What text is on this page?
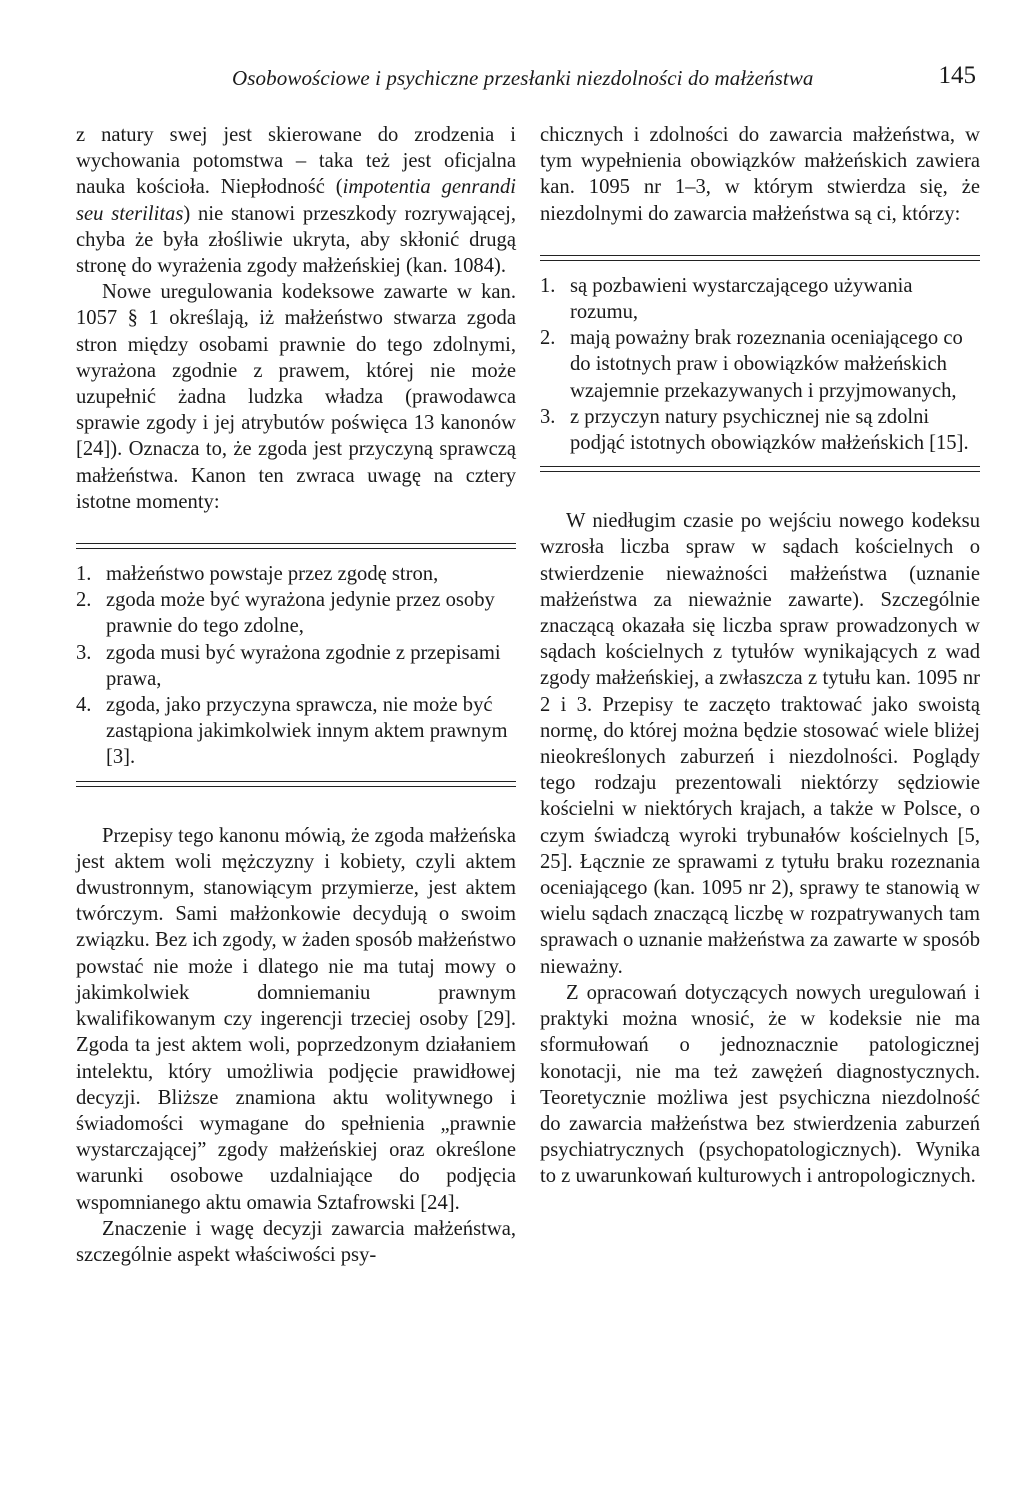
Osobowościowe i psychiczne przesłanki niezdolności do małżeństwa	145

z natury swej jest skierowane do zrodzenia i wychowania potomstwa – taka też jest oficjalna nauka kościoła. Niepłodność (impotentia genrandi seu sterilitas) nie stanowi przeszkody rozrywającej, chyba że była złośliwie ukryta, aby skłonić drugą stronę do wyrażenia zgody małżeńskiej (kan. 1084).

Nowe uregulowania kodeksowe zawarte w kan. 1057 § 1 określają, iż małżeństwo stwarza zgoda stron między osobami prawnie do tego zdolnymi, wyrażona zgodnie z prawem, której nie może uzupełnić żadna ludzka władza (prawodawca sprawie zgody i jej atrybutów poświęca 13 kanonów [24]). Oznacza to, że zgoda jest przyczyną sprawczą małżeństwa. Kanon ten zwraca uwagę na cztery istotne momenty:

1. małżeństwo powstaje przez zgodę stron,
2. zgoda może być wyrażona jedynie przez osoby prawnie do tego zdolne,
3. zgoda musi być wyrażona zgodnie z przepisami prawa,
4. zgoda, jako przyczyna sprawcza, nie może być zastąpiona jakimkolwiek innym aktem prawnym [3].

Przepisy tego kanonu mówią, że zgoda małżeńska jest aktem woli mężczyzny i kobiety, czyli aktem dwustronnym, stanowiącym przymierze, jest aktem twórczym. Sami małżonkowie decydują o swoim związku. Bez ich zgody, w żaden sposób małżeństwo powstać nie może i dlatego nie ma tutaj mowy o jakimkolwiek domniemaniu prawnym kwalifikowanym czy ingerencji trzeciej osoby [29]. Zgoda ta jest aktem woli, poprzedzonym działaniem intelektu, który umożliwia podjęcie prawidłowej decyzji. Bliższe znamiona aktu wolitywnego i świadomości wymagane do spełnienia „prawnie wystarczającej” zgody małżeńskiej oraz określone warunki osobowe uzdalniające do podjęcia wspomnianego aktu omawia Sztafrowski [24].

Znaczenie i wagę decyzji zawarcia małżeństwa, szczególnie aspekt właściwości psy-

chicznych i zdolności do zawarcia małżeństwa, w tym wypełnienia obowiązków małżeńskich zawiera kan. 1095 nr 1–3, w którym stwierdza się, że niezdolnymi do zawarcia małżeństwa są ci, którzy:

1. są pozbawieni wystarczającego używania rozumu,
2. mają poważny brak rozeznania oceniającego co do istotnych praw i obowiązków małżeńskich wzajemnie przekazywanych i przyjmowanych,
3. z przyczyn natury psychicznej nie są zdolni podjąć istotnych obowiązków małżeńskich [15].

W niedługim czasie po wejściu nowego kodeksu wzrosła liczba spraw w sądach kościelnych o stwierdzenie nieważności małżeństwa (uznanie małżeństwa za nieważnie zawarte). Szczególnie znaczącą okazała się liczba spraw prowadzonych w sądach kościelnych z tytułów wynikających z wad zgody małżeńskiej, a zwłaszcza z tytułu kan. 1095 nr 2 i 3. Przepisy te zaczęto traktować jako swoistą normę, do której można będzie stosować wiele bliżej nieokreślonych zaburzeń i niezdolności. Poglądy tego rodzaju prezentowali niektórzy sędziowie kościelni w niektórych krajach, a także w Polsce, o czym świadczą wyroki trybunałów kościelnych [5, 25]. Łącznie ze sprawami z tytułu braku rozeznania oceniającego (kan. 1095 nr 2), sprawy te stanowią w wielu sądach znaczącą liczbę w rozpatrywanych tam sprawach o uznanie małżeństwa za zawarte w sposób nieważny.

Z opracowań dotyczących nowych uregulowań i praktyki można wnosić, że w kodeksie nie ma sformułowań o jednoznacznie patologicznej konotacji, nie ma też zawężeń diagnostycznych. Teoretycznie możliwa jest psychiczna niezdolność do zawarcia małżeństwa bez stwierdzenia zaburzeń psychiatrycznych (psychopatologicznych). Wynika to z uwarunkowań kulturowych i antropologicznych.
